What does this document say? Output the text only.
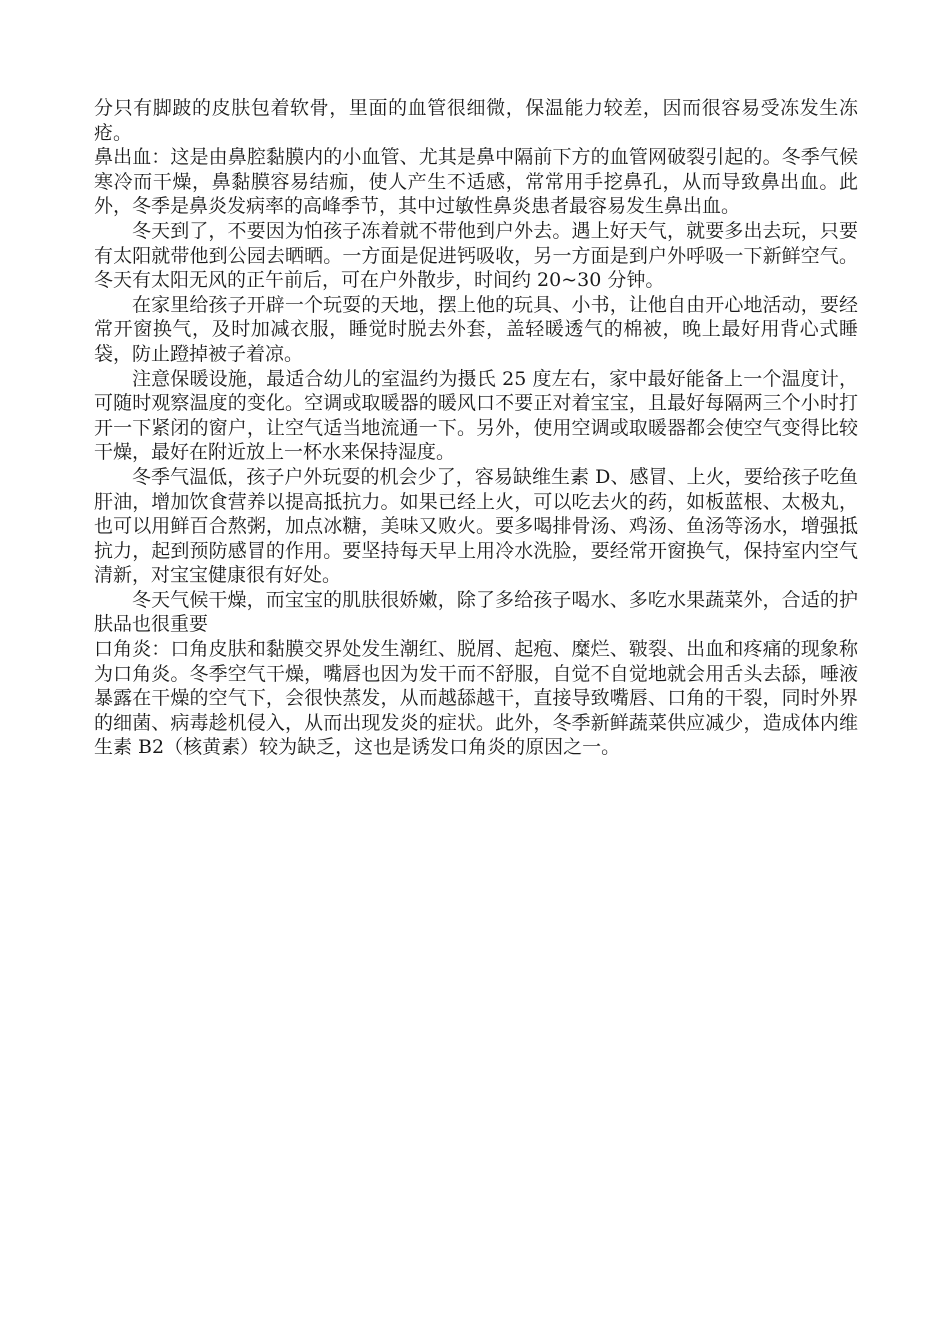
分只有脚跛的皮肤包着软骨，里面的血管很细微，保温能力较差，因而很容易受冻发生冻疮。

鼻出血：这是由鼻腔黏膜内的小血管、尤其是鼻中隔前下方的血管网破裂引起的。冬季气候寒冷而干燥，鼻黏膜容易结痂，使人产生不适感，常常用手挖鼻孔，从而导致鼻出血。此外，冬季是鼻炎发病率的高峰季节，其中过敏性鼻炎患者最容易发生鼻出血。

冬天到了，不要因为怕孩子冻着就不带他到户外去。遇上好天气，就要多出去玩，只要有太阳就带他到公园去晒晒。一方面是促进钙吸收，另一方面是到户外呼吸一下新鲜空气。冬天有太阳无风的正午前后，可在户外散步，时间约 20~30 分钟。

在家里给孩子开辟一个玩耍的天地，摆上他的玩具、小书，让他自由开心地活动，要经常开窗换气，及时加减衣服，睡觉时脱去外套，盖轻暖透气的棉被，晚上最好用背心式睡袋，防止蹬掉被子着凉。

注意保暖设施，最适合幼儿的室温约为摄氏 25 度左右，家中最好能备上一个温度计，可随时观察温度的变化。空调或取暖器的暖风口不要正对着宝宝，且最好每隔两三个小时打开一下紧闭的窗户，让空气适当地流通一下。另外，使用空调或取暖器都会使空气变得比较干燥，最好在附近放上一杯水来保持湿度。

冬季气温低，孩子户外玩耍的机会少了，容易缺维生素 D、感冒、上火，要给孩子吃鱼肝油，增加饮食营养以提高抵抗力。如果已经上火，可以吃去火的药，如板蓝根、太极丸，也可以用鲜百合熬粥，加点冰糖，美味又败火。要多喝排骨汤、鸡汤、鱼汤等汤水，增强抵抗力，起到预防感冒的作用。要坚持每天早上用冷水洗脸，要经常开窗换气，保持室内空气清新，对宝宝健康很有好处。

冬天气候干燥，而宝宝的肌肤很娇嫩，除了多给孩子喝水、多吃水果蔬菜外，合适的护肤品也很重要

口角炎：口角皮肤和黏膜交界处发生潮红、脱屑、起疱、糜烂、皲裂、出血和疼痛的现象称为口角炎。冬季空气干燥，嘴唇也因为发干而不舒服，自觉不自觉地就会用舌头去舔，唾液暴露在干燥的空气下，会很快蒸发，从而越舔越干，直接导致嘴唇、口角的干裂，同时外界的细菌、病毒趁机侵入，从而出现发炎的症状。此外，冬季新鲜蔬菜供应减少，造成体内维生素 B2（核黄素）较为缺乏，这也是诱发口角炎的原因之一。
